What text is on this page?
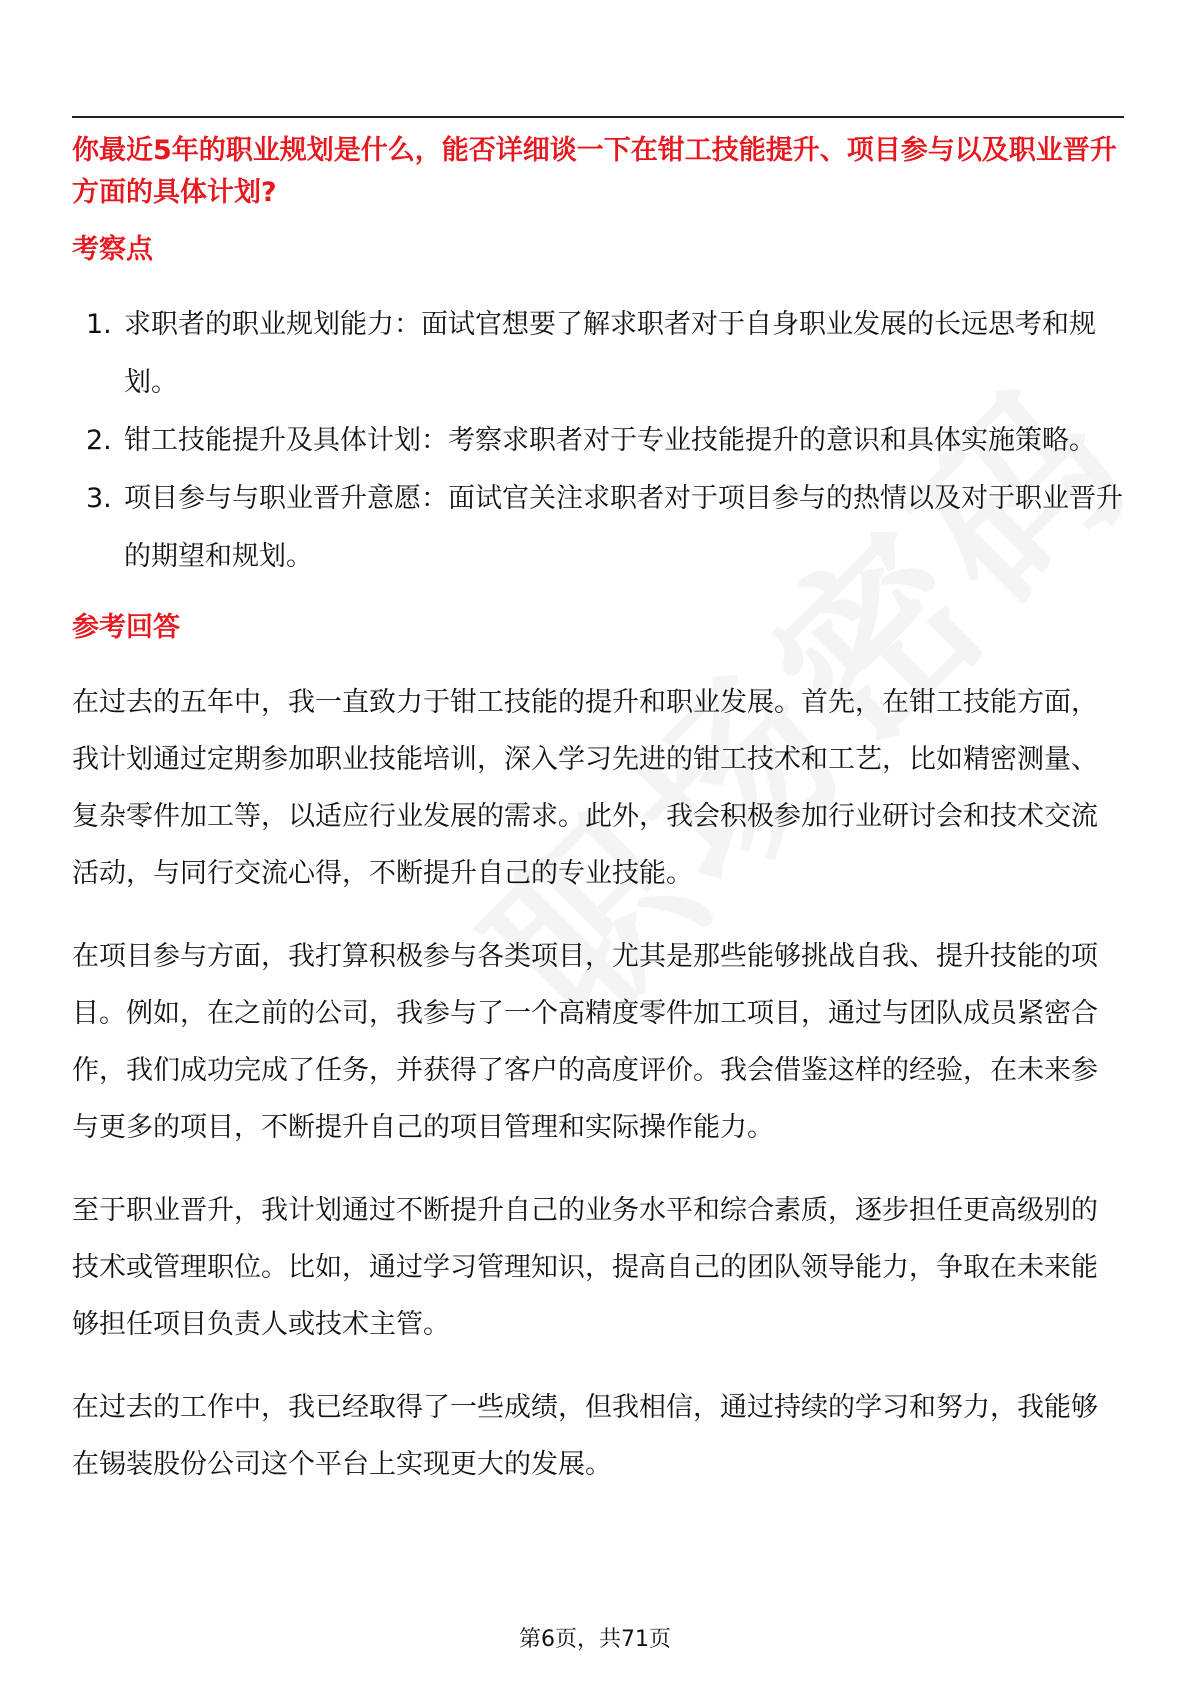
你最近5年的职业规划是什么，能否详细谈一下在钳工技能提升、项目参与以及职业晋升方面的具体计划?

考察点
1. 求职者的职业规划能力：面试官想要了解求职者对于自身职业发展的长远思考和规划。
2. 钳工技能提升及具体计划：考察求职者对于专业技能提升的意识和具体实施策略。
3. 项目参与与职业晋升意愿：面试官关注求职者对于项目参与的热情以及对于职业晋升的期望和规划。
参考回答

在过去的五年中，我一直致力于钳工技能的提升和职业发展。首先，在钳工技能方面，我计划通过定期参加职业技能培训，深入学习先进的钳工技术和工艺，比如精密测量、复杂零件加工等，以适应行业发展的需求。此外，我会积极参加行业研讨会和技术交流活动，与同行交流心得，不断提升自己的专业技能。

在项目参与方面，我打算积极参与各类项目，尤其是那些能够挑战自我、提升技能的项目。例如，在之前的公司，我参与了一个高精度零件加工项目，通过与团队成员紧密合作，我们成功完成了任务，并获得了客户的高度评价。我会借鉴这样的经验，在未来参与更多的项目，不断提升自己的项目管理和实际操作能力。

至于职业晋升，我计划通过不断提升自己的业务水平和综合素质，逐步担任更高级别的技术或管理职位。比如，通过学习管理知识，提高自己的团队领导能力，争取在未来能够担任项目负责人或技术主管。

在过去的工作中，我已经取得了一些成绩，但我相信，通过持续的学习和努力，我能够在锡装股份公司这个平台上实现更大的发展。

第6页，共71页
